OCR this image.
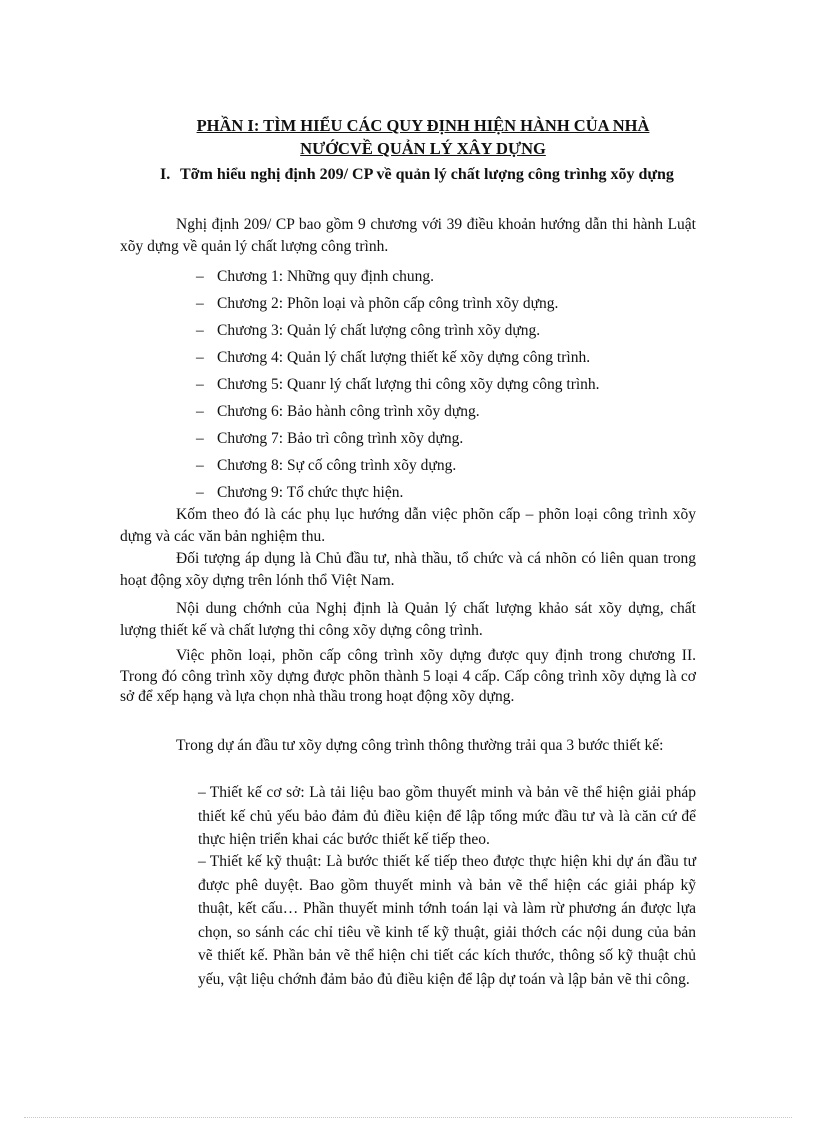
PHẦN I: TÌM HIỂU CÁC QUY ĐỊNH HIỆN HÀNH CỦA NHÀ
NƯỚCVỀ QUẢN LÝ XÂY DỰNG
I. Tỡm hiểu nghị định 209/ CP về quản lý chất lượng công trìnhg xõy dựng

Nghị định 209/ CP bao gồm 9 chương với 39 điều khoản hướng dẫn thi hành Luật xõy dựng về quản lý chất lượng công trình.

– Chương 1: Những quy định chung.
– Chương 2: Phõn loại và phõn cấp công trình xõy dựng.
– Chương 3: Quản lý chất lượng công trình xõy dựng.
– Chương 4: Quản lý chất lượng thiết kế xõy dựng công trình.
– Chương 5: Quanr lý chất lượng thi công xõy dựng công trình.
– Chương 6: Bảo hành công trình xõy dựng.
– Chương 7: Bảo trì công trình xõy dựng.
– Chương 8: Sự cố công trình xõy dựng.
– Chương 9: Tổ chức thực hiện.

Kốm theo đó là các phụ lục hướng dẫn việc phõn cấp – phõn loại công trình xõy dựng và các văn bản nghiệm thu.

Đối tượng áp dụng là Chủ đầu tư, nhà thầu, tổ chức và cá nhõn có liên quan trong hoạt động xõy dựng trên lónh thổ Việt Nam.

Nội dung chớnh của Nghị định là Quản lý chất lượng khảo sát xõy dựng, chất lượng thiết kế và chất lượng thi công xõy dựng công trình.

Việc phõn loại, phõn cấp công trình xõy dựng được quy định trong chương II. Trong đó công trình xõy dựng được phõn thành 5 loại 4 cấp. Cấp công trình xõy dựng là cơ sở để xếp hạng và lựa chọn nhà thầu trong hoạt động xõy dựng.

Trong dự án đầu tư xõy dựng công trình thông thường trải qua 3 bước thiết kế:

– Thiết kế cơ sở: Là tải liệu bao gồm thuyết minh và bản vẽ thể hiện giải pháp thiết kế chủ yếu bảo đảm đủ điều kiện để lập tổng mức đầu tư và là căn cứ để thực hiện triển khai các bước thiết kế tiếp theo.

– Thiết kế kỹ thuật: Là bước thiết kế tiếp theo được thực hiện khi dự án đầu tư được phê duyệt. Bao gồm thuyết minh và bản vẽ thể hiện các giải pháp kỹ thuật, kết cấu… Phần thuyết minh tớnh toán lại và làm rừ phương án được lựa chọn, so sánh các chỉ tiêu về kinh tế kỹ thuật, giải thớch các nội dung của bản vẽ thiết kế. Phần bản vẽ thể hiện chi tiết các kích thước, thông số kỹ thuật chủ yếu, vật liệu chớnh đảm bảo đủ điều kiện để lập dự toán và lập bản vẽ thi công.
